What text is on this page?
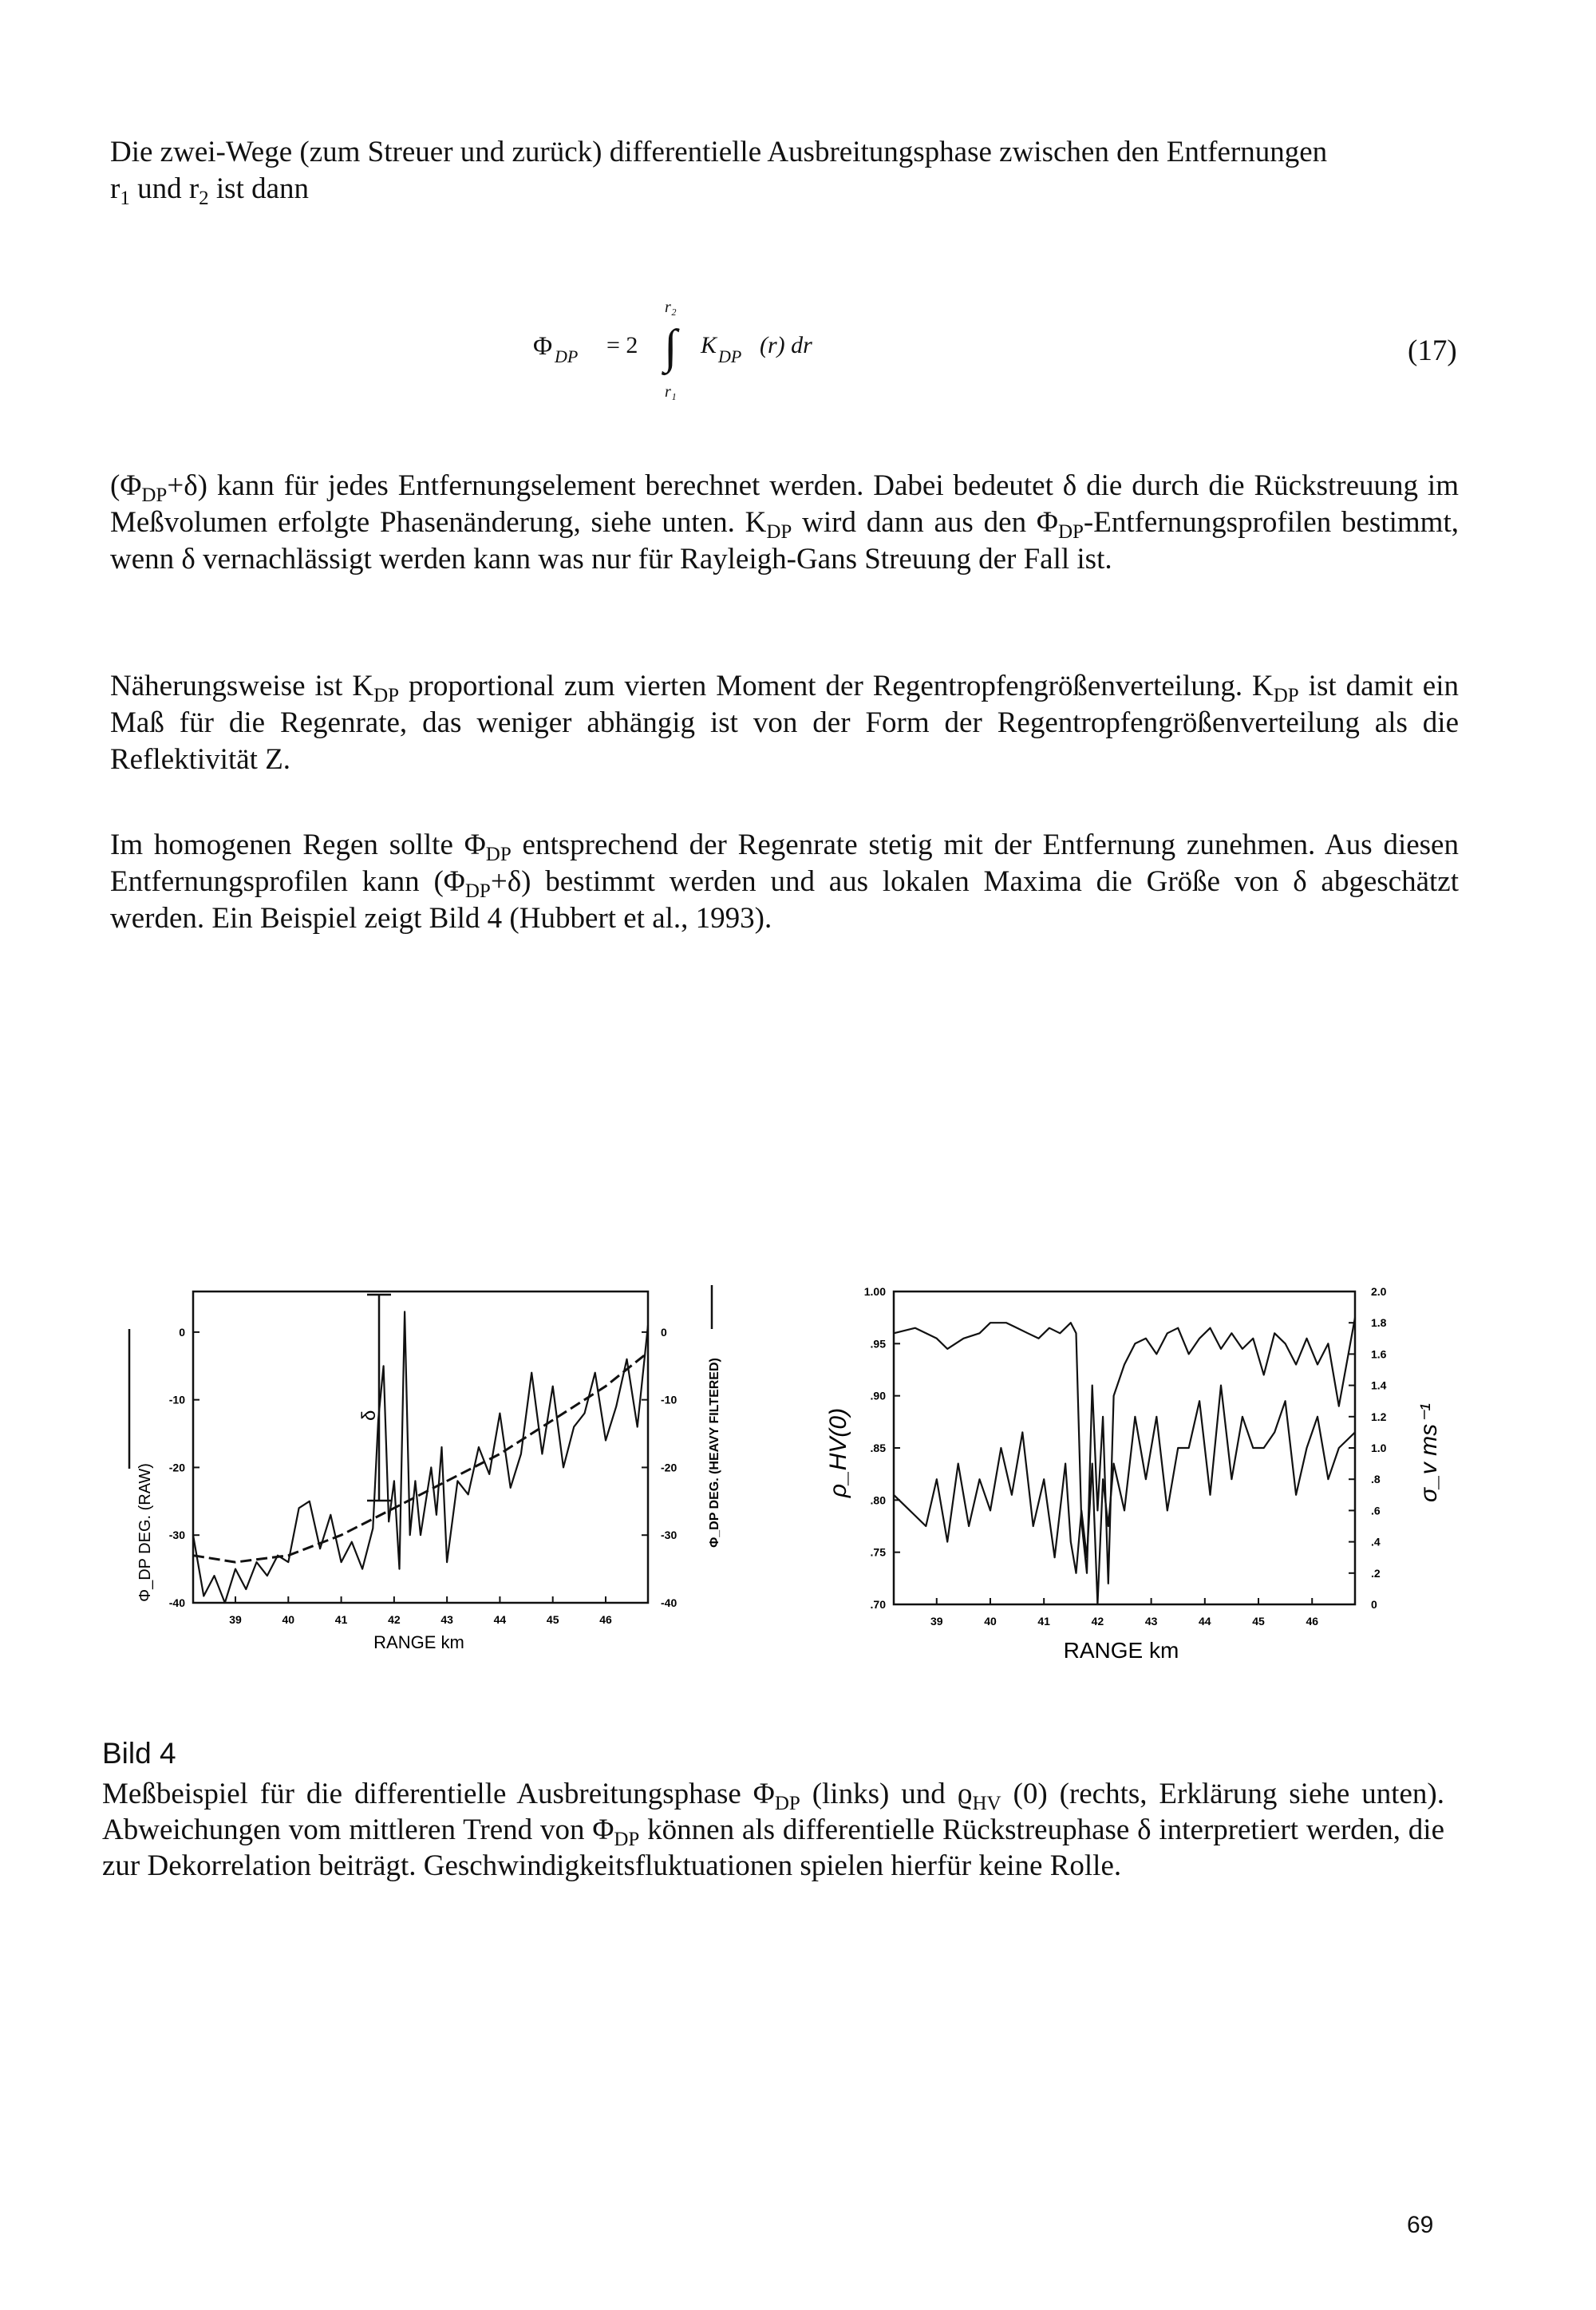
Die zwei-Wege (zum Streuer und zurück) differentielle Ausbreitungsphase zwischen den Entfernungen
$r_1$ und $r_2$ ist dann

Φ DP = 2 ∫
r₂
r₁
K DP (r) dr	(17)

$(\Phi_{DP}+\delta)$ kann für jedes Entfernungselement berechnet werden. Dabei bedeutet δ die durch die Rückstreuung im Meßvolumen erfolgte Phasenänderung, siehe unten. $K_{DP}$ wird dann aus den $\Phi_{DP}$-Entfernungsprofilen bestimmt, wenn δ vernachlässigt werden kann was nur für Rayleigh-Gans Streuung der Fall ist.

Näherungsweise ist $K_{DP}$ proportional zum vierten Moment der Regentropfengrößenverteilung. $K_{DP}$ ist damit ein Maß für die Regenrate, das weniger abhängig ist von der Form der Regentropfengrößenverteilung als die Reflektivität Z.

Im homogenen Regen sollte $\Phi_{DP}$ entsprechend der Regenrate stetig mit der Entfernung zunehmen. Aus diesen Entfernungsprofilen kann $(\Phi_{DP}+\delta)$ bestimmt werden und aus lokalen Maxima die Größe von δ abgeschätzt werden. Ein Beispiel zeigt Bild 4 (Hubbert et al., 1993).

39	40	41	42	43	44	45	46
0
-10
-20
-30
-40
0
-10
-20
-30
-40
δ
RANGE km
Φ_DP DEG. (RAW)	Φ_DP DEG. (HEAVY FILTERED)
39	40	41	42	43	44	45	46
1.00
.95
.90
.85
.80
.75
.70
2.0
1.8
1.6
1.4
1.2
1.0
.8
.6
.4
.2
0
RANGE km
ρ_HV(0)	σ_v ms⁻¹
Bild 4
Meßbeispiel für die differentielle Ausbreitungsphase $\Phi_{DP}$ (links) und $ϱ_{HV}$ (0) (rechts, Erklärung siehe unten). Abweichungen vom mittleren Trend von $\Phi_{DP}$ können als differentielle Rückstreuphase δ interpretiert werden, die zur Dekorrelation beiträgt. Geschwindigkeitsfluktuationen spielen hierfür keine Rolle.
69
